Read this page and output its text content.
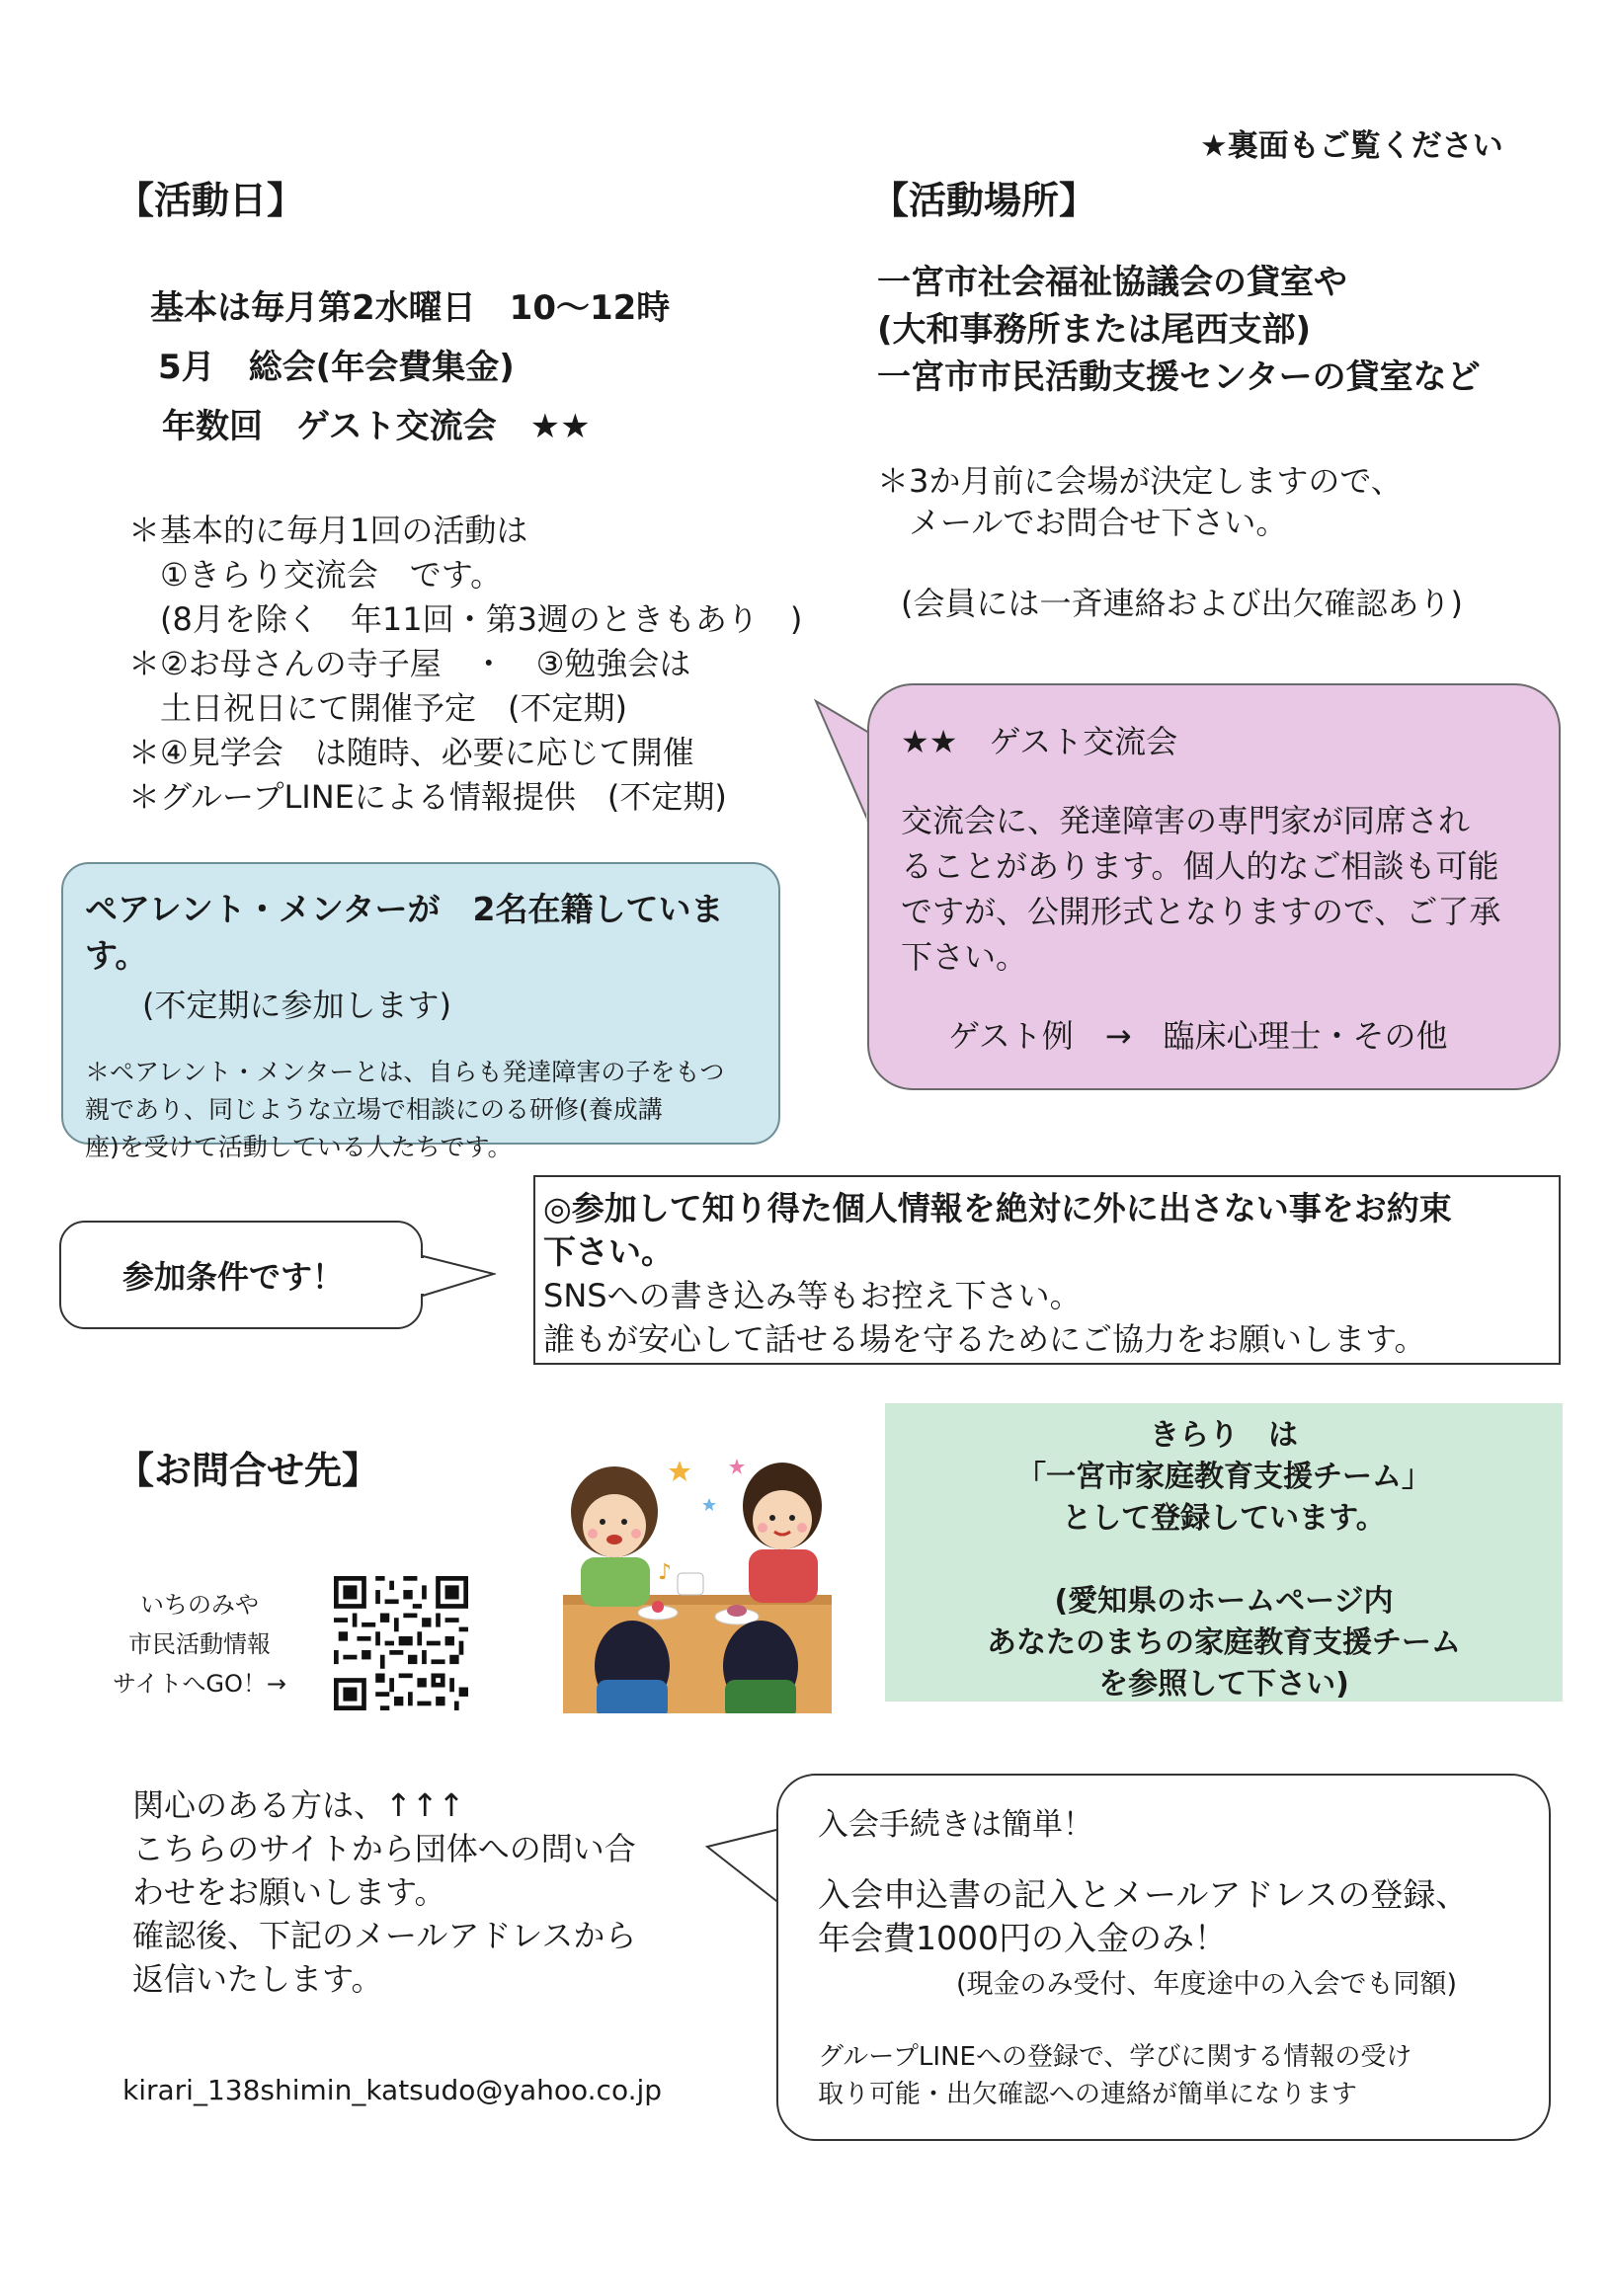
★裏面もご覧ください
【活動日】
基本は毎月第2水曜日　10〜12時
5月　総会(年会費集金)
年数回　ゲスト交流会　★★
＊基本的に毎月1回の活動は
　①きらり交流会　です。
　(8月を除く　年11回・第3週のときもあり　)
＊②お母さんの寺子屋　・　③勉強会は
　土日祝日にて開催予定　(不定期)
＊④見学会　は随時、必要に応じて開催
＊グループLINEによる情報提供　(不定期)
【活動場所】
一宮市社会福祉協議会の貸室や
(大和事務所または尾西支部)
一宮市市民活動支援センターの貸室など
＊3か月前に会場が決定しますので、
　メールでお問合せ下さい。
(会員には一斉連絡および出欠確認あり)
ペアレント・メンターが　2名在籍しています。
(不定期に参加します)
＊ペアレント・メンターとは、自らも発達障害の子をもつ
親であり、同じような立場で相談にのる研修(養成講
座)を受けて活動している人たちです。
★★　ゲスト交流会
交流会に、発達障害の専門家が同席され
ることがあります。個人的なご相談も可能
ですが、公開形式となりますので、ご了承
下さい。
ゲスト例　→　臨床心理士・その他
参加条件です！
◎参加して知り得た個人情報を絶対に外に出さない事をお約束
下さい。
SNSへの書き込み等もお控え下さい。
誰もが安心して話せる場を守るためにご協力をお願いします。
【お問合せ先】
いちのみや
市民活動情報
サイトへGO！→
♪
きらり　は
「一宮市家庭教育支援チーム」
として登録しています。
(愛知県のホームページ内
あなたのまちの家庭教育支援チーム
を参照して下さい)
関心のある方は、↑↑↑
こちらのサイトから団体への問い合
わせをお願いします。
確認後、下記のメールアドレスから
返信いたします。
kirari_138shimin_katsudo@yahoo.co.jp
入会手続きは簡単！
入会申込書の記入とメールアドレスの登録、
年会費1000円の入金のみ！
(現金のみ受付、年度途中の入会でも同額)
グループLINEへの登録で、学びに関する情報の受け
取り可能・出欠確認への連絡が簡単になります
